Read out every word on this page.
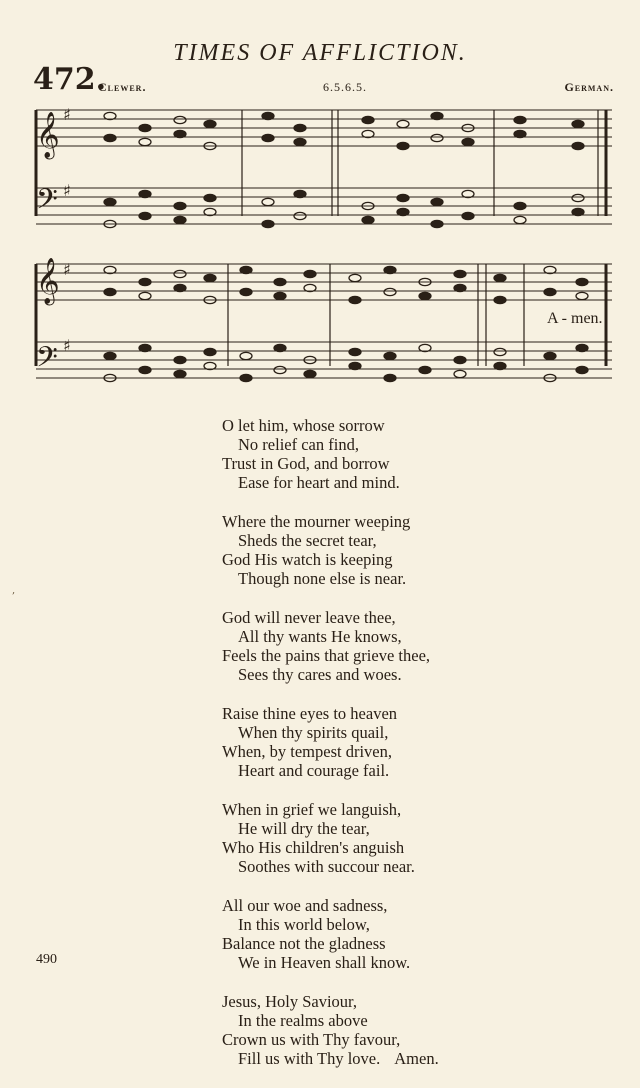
TIMES OF AFFLICTION.
472.
Clewer.	6.5.6.5.	German.
𝄞
𝄢
𝄞
𝄢
♯
♯
♯
♯
A - men.
O let him, whose sorrow
No relief can find,
Trust in God, and borrow
Ease for heart and mind.
Where the mourner weeping
Sheds the secret tear,
God His watch is keeping
Though none else is near.
God will never leave thee,
All thy wants He knows,
Feels the pains that grieve thee,
Sees thy cares and woes.
Raise thine eyes to heaven
When thy spirits quail,
When, by tempest driven,
Heart and courage fail.
When in grief we languish,
He will dry the tear,
Who His children's anguish
Soothes with succour near.
All our woe and sadness,
In this world below,
Balance not the gladness
We in Heaven shall know.
Jesus, Holy Saviour,
In the realms above
Crown us with Thy favour,
Fill us with Thy love. Amen.
490
,
